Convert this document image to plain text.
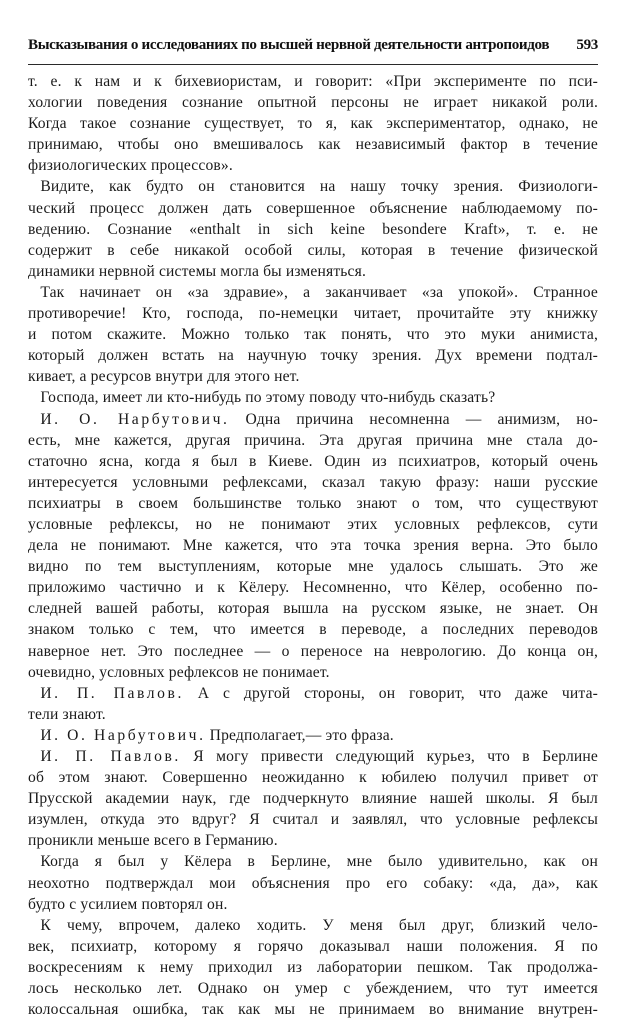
Высказывания о исследованиях по высшей нервной деятельности антропоидов 593
т. е. к нам и к бихевиористам, и говорит: «При эксперименте по пси-
хологии поведения сознание опытной персоны не играет никакой роли.
Когда такое сознание существует, то я, как экспериментатор, однако, не
принимаю, чтобы оно вмешивалось как независимый фактор в течение
физиологических процессов».
  Видите, как будто он становится на нашу точку зрения. Физиологи-
ческий процесс должен дать совершенное объяснение наблюдаемому по-
ведению. Сознание «enthalt in sich keine besondere Kraft», т. е. не
содержит в себе никакой особой силы, которая в течение физической
динамики нервной системы могла бы изменяться.
  Так начинает он «за здравие», а заканчивает «за упокой». Странное
противоречие! Кто, господа, по-немецки читает, прочитайте эту книжку
и потом скажите. Можно только так понять, что это муки анимиста,
который должен встать на научную точку зрения. Дух времени подтал-
кивает, а ресурсов внутри для этого нет.
  Господа, имеет ли кто-нибудь по этому поводу что-нибудь сказать?
  И. О. Нарбутович. Одна причина несомненна — анимизм, но-
есть, мне кажется, другая причина. Эта другая причина мне стала до-
статочно ясна, когда я был в Киеве. Один из психиатров, который очень
интересуется условными рефлексами, сказал такую фразу: наши русские
психиатры в своем большинстве только знают о том, что существуют
условные рефлексы, но не понимают этих условных рефлексов, сути
дела не понимают. Мне кажется, что эта точка зрения верна. Это было
видно по тем выступлениям, которые мне удалось слышать. Это же
приложимо частично и к Кёлеру. Несомненно, что Кёлер, особенно по-
следней вашей работы, которая вышла на русском языке, не знает. Он
знаком только с тем, что имеется в переводе, а последних переводов
наверное нет. Это последнее — о переносе на неврологию. До конца он,
очевидно, условных рефлексов не понимает.
  И. П. Павлов. А с другой стороны, он говорит, что даже чита-
тели знают.
  И. О. Нарбутович. Предполагает,— это фраза.
  И. П. Павлов. Я могу привести следующий курьез, что в Берлине
об этом знают. Совершенно неожиданно к юбилею получил привет от
Прусской академии наук, где подчеркнуто влияние нашей школы. Я был
изумлен, откуда это вдруг? Я считал и заявлял, что условные рефлексы
проникли меньше всего в Германию.
  Когда я был у Кёлера в Берлине, мне было удивительно, как он
неохотно подтверждал мои объяснения про его собаку: «да, да», как
будто с усилием повторял он.
  К чему, впрочем, далеко ходить. У меня был друг, близкий чело-
век, психиатр, которому я горячо доказывал наши положения. Я по
воскресениям к нему приходил из лаборатории пешком. Так продолжа-
лось несколько лет. Однако он умер с убеждением, что тут имеется
колоссальная ошибка, так как мы не принимаем во внимание внутрен-
